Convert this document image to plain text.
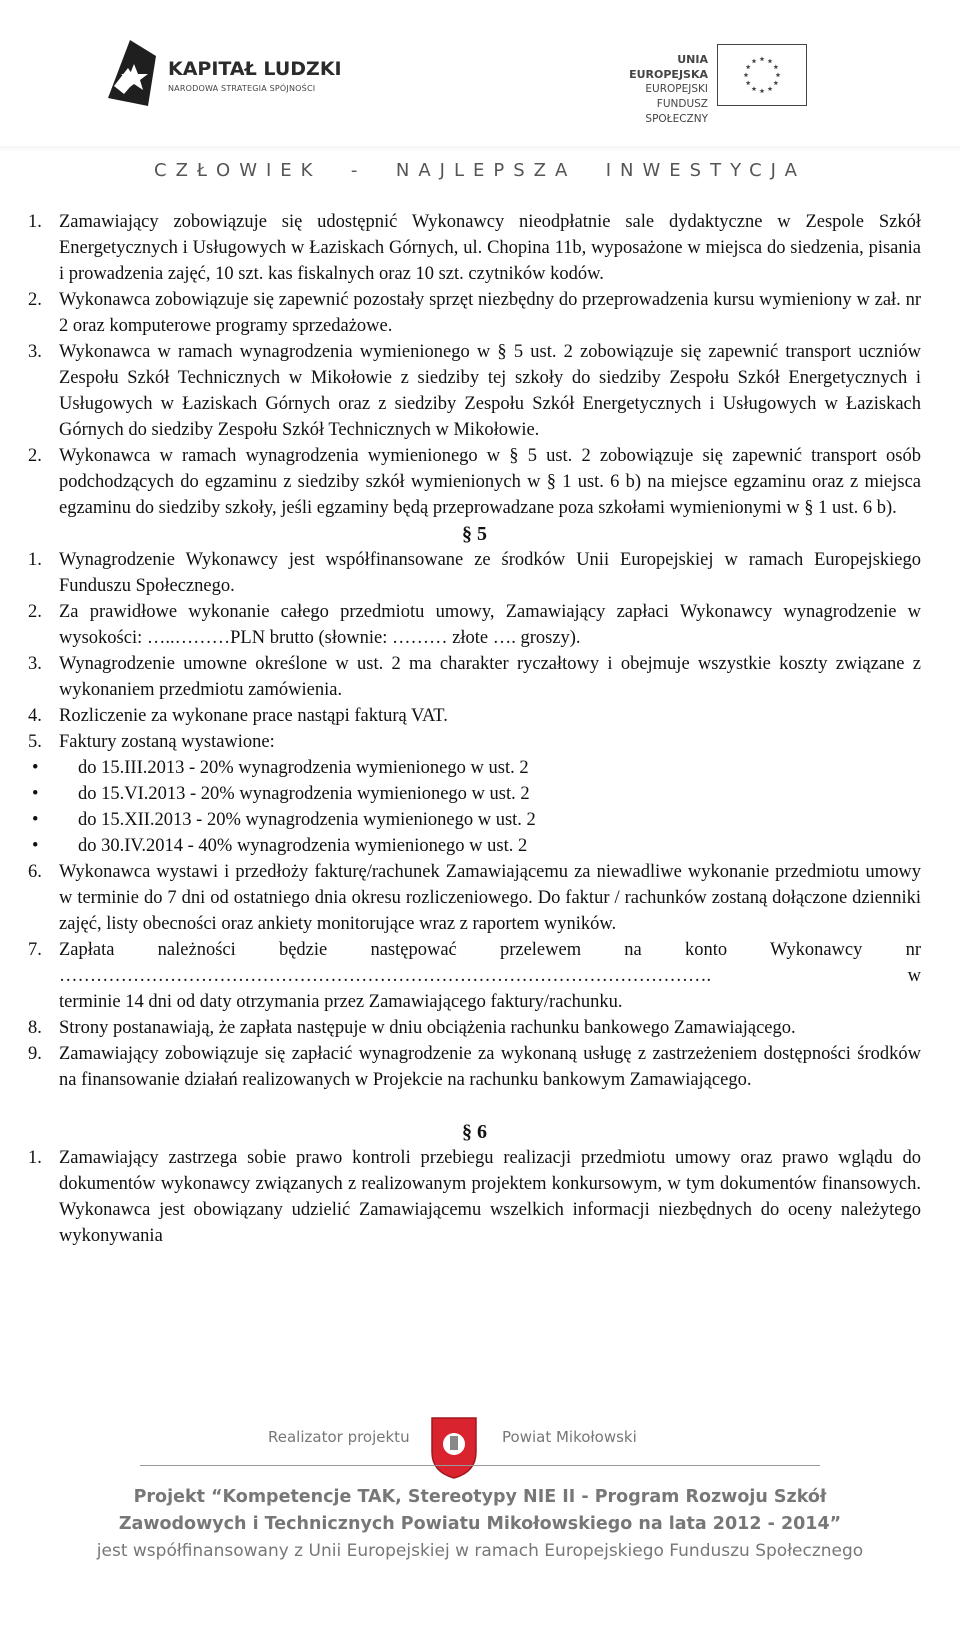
KAPITAŁ LUDZKI
NARODOWA STRATEGIA SPÓJNOŚCI
UNIA EUROPEJSKA
EUROPEJSKI
FUNDUSZ SPOŁECZNY
CZŁOWIEK  -  NAJLEPSZA  INWESTYCJA
1. Zamawiający zobowiązuje się udostępnić Wykonawcy nieodpłatnie sale dydaktyczne w Zespole Szkół Energetycznych i Usługowych w Łaziskach Górnych, ul. Chopina 11b, wyposażone w miejsca do siedzenia, pisania i prowadzenia zajęć, 10 szt. kas fiskalnych oraz 10 szt. czytników kodów.
2. Wykonawca zobowiązuje się zapewnić pozostały sprzęt niezbędny do przeprowadzenia kursu wymieniony w zał. nr 2 oraz komputerowe programy sprzedażowe.
3. Wykonawca w ramach wynagrodzenia wymienionego w § 5 ust. 2 zobowiązuje się zapewnić transport uczniów Zespołu Szkół Technicznych w Mikołowie z siedziby tej szkoły do siedziby Zespołu Szkół Energetycznych i Usługowych w Łaziskach Górnych oraz z siedziby Zespołu Szkół Energetycznych i Usługowych w Łaziskach Górnych do siedziby Zespołu Szkół Technicznych w Mikołowie.
2. Wykonawca w ramach wynagrodzenia wymienionego w § 5 ust. 2 zobowiązuje się zapewnić transport osób podchodzących do egzaminu z siedziby szkół wymienionych w § 1 ust. 6 b) na miejsce egzaminu oraz z miejsca egzaminu do siedziby szkoły, jeśli egzaminy będą przeprowadzane poza szkołami wymienionymi w § 1 ust. 6 b).
§ 5
1. Wynagrodzenie Wykonawcy jest współfinansowane ze środków Unii Europejskiej w ramach Europejskiego Funduszu Społecznego.
2. Za prawidłowe wykonanie całego przedmiotu umowy, Zamawiający zapłaci Wykonawcy wynagrodzenie w wysokości: …..………PLN brutto (słownie: ……… złote …. groszy).
3. Wynagrodzenie umowne określone w ust. 2 ma charakter ryczałtowy i obejmuje wszystkie koszty związane z wykonaniem przedmiotu zamówienia.
4. Rozliczenie za wykonane prace nastąpi fakturą VAT.
5. Faktury zostaną wystawione:
•	do 15.III.2013 - 20% wynagrodzenia wymienionego w ust. 2
•	do 15.VI.2013 - 20% wynagrodzenia wymienionego w ust. 2
•	do 15.XII.2013 - 20% wynagrodzenia wymienionego w ust. 2
•	do 30.IV.2014 - 40% wynagrodzenia wymienionego w ust. 2
6. Wykonawca wystawi i przedłoży fakturę/rachunek Zamawiającemu za niewadliwe wykonanie przedmiotu umowy w terminie do 7 dni od ostatniego dnia okresu rozliczeniowego. Do faktur / rachunków zostaną dołączone dzienniki zajęć, listy obecności oraz ankiety monitorujące wraz z raportem wyników.
7. Zapłata należności będzie następować przelewem na konto Wykonawcy nr
……………………………………………………………………………………………. w
terminie 14 dni od daty otrzymania przez Zamawiającego faktury/rachunku.
8. Strony postanawiają, że zapłata następuje w dniu obciążenia rachunku bankowego Zamawiającego.
9. Zamawiający zobowiązuje się zapłacić wynagrodzenie za wykonaną usługę z zastrzeżeniem dostępności środków na finansowanie działań realizowanych w Projekcie na rachunku bankowym Zamawiającego.
§ 6
1. Zamawiający zastrzega sobie prawo kontroli przebiegu realizacji przedmiotu umowy oraz prawo wglądu do dokumentów wykonawcy związanych z realizowanym projektem konkursowym, w tym dokumentów finansowych. Wykonawca jest obowiązany udzielić Zamawiającemu wszelkich informacji niezbędnych do oceny należytego wykonywania
Realizator projektu	Powiat Mikołowski
Projekt “Kompetencje TAK, Stereotypy NIE II - Program Rozwoju Szkół
Zawodowych i Technicznych Powiatu Mikołowskiego na lata 2012 - 2014”
jest współfinansowany z Unii Europejskiej w ramach Europejskiego Funduszu Społecznego
